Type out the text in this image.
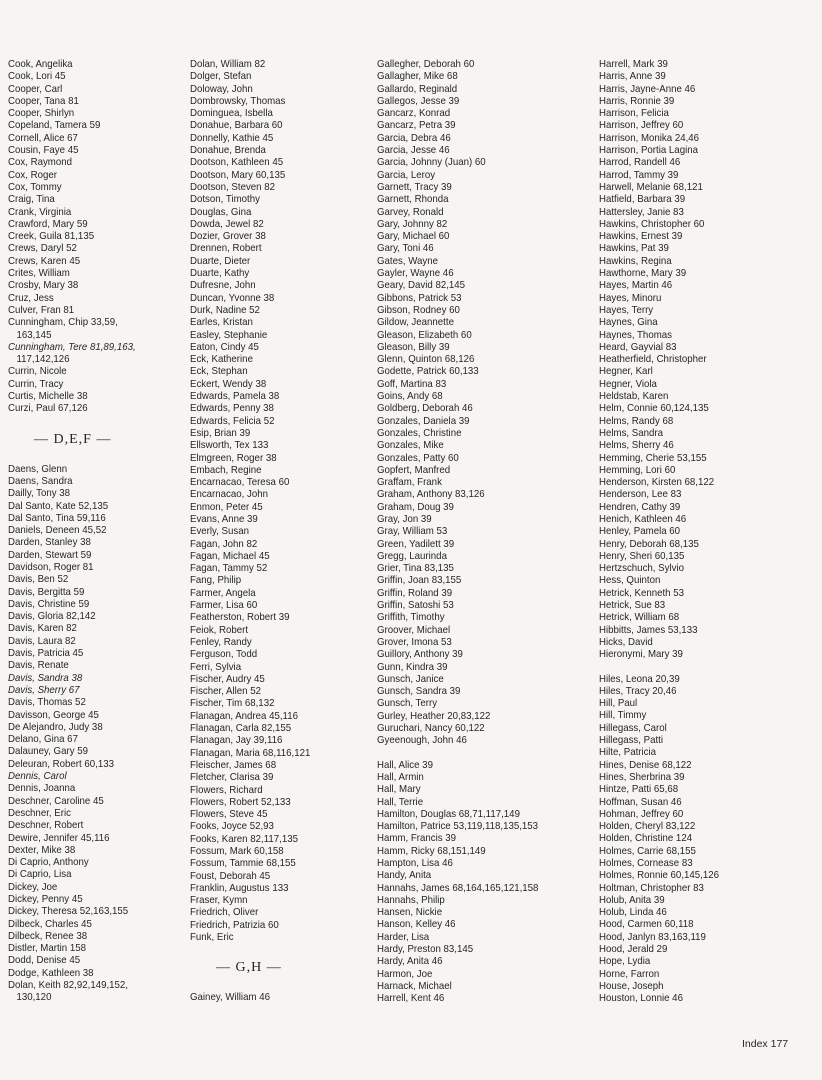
Cook, Angelika
Cook, Lori 45
Cooper, Carl
Cooper, Tana 81
Cooper, Shirlyn
Copeland, Tamera 59
Cornell, Alice 67
Cousin, Faye 45
Cox, Raymond
Cox, Roger
Cox, Tommy
Craig, Tina
Crank, Virginia
Crawford, Mary 59
Creek, Guila 81,135
Crews, Daryl 52
Crews, Karen 45
Crites, William
Crosby, Mary 38
Cruz, Jess
Culver, Fran 81
Cunningham, Chip 33,59,
163,145
Cunningham, Tere 81,89,163,
117,142,126
Currin, Nicole
Currin, Tracy
Curtis, Michelle 38
Curzi, Paul 67,126
— D,E,F —
Daens, Glenn
Daens, Sandra
Dailly, Tony 38
Dal Santo, Kate 52,135
Dal Santo, Tina 59,116
Daniels, Deneen 45,52
Darden, Stanley 38
Darden, Stewart 59
Davidson, Roger 81
Davis, Ben 52
Davis, Bergitta 59
Davis, Christine 59
Davis, Gloria 82,142
Davis, Karen 82
Davis, Laura 82
Davis, Patricia 45
Davis, Renate
Davis, Sandra 38
Davis, Sherry 67
Davis, Thomas 52
Davisson, George 45
De Alejandro, Judy 38
Delano, Gina 67
Dalauney, Gary 59
Deleuran, Robert 60,133
Dennis, Carol
Dennis, Joanna
Deschner, Caroline 45
Deschner, Eric
Deschner, Robert
Dewire, Jennifer 45,116
Dexter, Mike 38
Di Caprio, Anthony
Di Caprio, Lisa
Dickey, Joe
Dickey, Penny 45
Dickey, Theresa 52,163,155
Dilbeck, Charles 45
Dilbeck, Renee 38
Distler, Martin 158
Dodd, Denise 45
Dodge, Kathleen 38
Dolan, Keith 82,92,149,152,
130,120
Dolan, William 82
Dolger, Stefan
Doloway, John
Dombrowsky, Thomas
Dominguea, Isbella
Donahue, Barbara 60
Donnelly, Kathie 45
Donahue, Brenda
Dootson, Kathleen 45
Dootson, Mary 60,135
Dootson, Steven 82
Dotson, Timothy
Douglas, Gina
Dowda, Jewel 82
Dozier, Grover 38
Drennen, Robert
Duarte, Dieter
Duarte, Kathy
Dufresne, John
Duncan, Yvonne 38
Durk, Nadine 52
Earles, Kristan
Easley, Stephanie
Eaton, Cindy 45
Eck, Katherine
Eck, Stephan
Eckert, Wendy 38
Edwards, Pamela 38
Edwards, Penny 38
Edwards, Felicia 52
Esip, Brian 39
Ellsworth, Tex 133
Elmgreen, Roger 38
Embach, Regine
Encarnacao, Teresa 60
Encarnacao, John
Enmon, Peter 45
Evans, Anne 39
Everly, Susan
Fagan, John 82
Fagan, Michael 45
Fagan, Tammy 52
Fang, Philip
Farmer, Angela
Farmer, Lisa 60
Featherston, Robert 39
Feiok, Robert
Fenley, Randy
Ferguson, Todd
Ferri, Sylvia
Fischer, Audry 45
Fischer, Allen 52
Fischer, Tim 68,132
Flanagan, Andrea 45,116
Flanagan, Carla 82,155
Flanagan, Jay 39,116
Flanagan, Maria 68,116,121
Fleischer, James 68
Fletcher, Clarisa 39
Flowers, Richard
Flowers, Robert 52,133
Flowers, Steve 45
Fooks, Joyce 52,93
Fooks, Karen 82,117,135
Fossum, Mark 60,158
Fossum, Tammie 68,155
Foust, Deborah 45
Franklin, Augustus 133
Fraser, Kymn
Friedrich, Oliver
Friedrich, Patrizia 60
Funk, Eric
— G,H —
Gainey, William 46
Gallegher, Deborah 60
Gallagher, Mike 68
Gallardo, Reginald
Gallegos, Jesse 39
Gancarz, Konrad
Gancarz, Petra 39
Garcia, Debra 46
Garcia, Jesse 46
Garcia, Johnny (Juan) 60
Garcia, Leroy
Garnett, Tracy 39
Garnett, Rhonda
Garvey, Ronald
Gary, Johnny 82
Gary, Michael 60
Gary, Toni 46
Gates, Wayne
Gayler, Wayne 46
Geary, David 82,145
Gibbons, Patrick 53
Gibson, Rodney 60
Gildow, Jeannette
Gleason, Elizabeth 60
Gleason, Billy 39
Glenn, Quinton 68,126
Godette, Patrick 60,133
Goff, Martina 83
Goins, Andy 68
Goldberg, Deborah 46
Gonzales, Daniela 39
Gonzales, Christine
Gonzales, Mike
Gonzales, Patty 60
Gopfert, Manfred
Graffam, Frank
Graham, Anthony 83,126
Graham, Doug 39
Gray, Jon 39
Gray, William 53
Green, Yadilett 39
Gregg, Laurinda
Grier, Tina 83,135
Griffin, Joan 83,155
Griffin, Roland 39
Griffin, Satoshi 53
Griffith, Timothy
Groover, Michael
Grover, Imona 53
Guillory, Anthony 39
Gunn, Kindra 39
Gunsch, Janice
Gunsch, Sandra 39
Gunsch, Terry
Gurley, Heather 20,83,122
Guruchari, Nancy 60,122
Gyeenough, John 46
Hall, Alice 39
Hall, Armin
Hall, Mary
Hall, Terrie
Hamilton, Douglas 68,71,117,149
Hamilton, Patrice 53,119,118,135,153
Hamm, Francis 39
Hamm, Ricky 68,151,149
Hampton, Lisa 46
Handy, Anita
Hannahs, James 68,164,165,121,158
Hannahs, Philip
Hansen, Nickie
Hanson, Kelley 46
Harder, Lisa
Hardy, Preston 83,145
Hardy, Anita 46
Harmon, Joe
Harnack, Michael
Harrell, Kent 46
Harrell, Mark 39
Harris, Anne 39
Harris, Jayne-Anne 46
Harris, Ronnie 39
Harrison, Felicia
Harrison, Jeffrey 60
Harrison, Monika 24,46
Harrison, Portia Lagina
Harrod, Randell 46
Harrod, Tammy 39
Harwell, Melanie 68,121
Hatfield, Barbara 39
Hattersley, Janie 83
Hawkins, Christopher 60
Hawkins, Ernest 39
Hawkins, Pat 39
Hawkins, Regina
Hawthorne, Mary 39
Hayes, Martin 46
Hayes, Minoru
Hayes, Terry
Haynes, Gina
Haynes, Thomas
Heard, Gayvial 83
Heatherfield, Christopher
Hegner, Karl
Hegner, Viola
Heldstab, Karen
Helm, Connie 60,124,135
Helms, Randy 68
Helms, Sandra
Helms, Sherry 46
Hemming, Cherie 53,155
Hemming, Lori 60
Henderson, Kirsten 68,122
Henderson, Lee 83
Hendren, Cathy 39
Henich, Kathleen 46
Henley, Pamela 60
Henry, Deborah 68,135
Henry, Sheri 60,135
Hertzschuch, Sylvio
Hess, Quinton
Hetrick, Kenneth 53
Hetrick, Sue 83
Hetrick, William 68
Hibbitts, James 53,133
Hicks, David
Hieronymi, Mary 39
Hiles, Leona 20,39
Hiles, Tracy 20,46
Hill, Paul
Hill, Timmy
Hillegass, Carol
Hillegass, Patti
Hilte, Patricia
Hines, Denise 68,122
Hines, Sherbrina 39
Hintze, Patti 65,68
Hoffman, Susan 46
Hohman, Jeffrey 60
Holden, Cheryl 83,122
Holden, Christine 124
Holmes, Carrie 68,155
Holmes, Cornease 83
Holmes, Ronnie 60,145,126
Holtman, Christopher 83
Holub, Anita 39
Holub, Linda 46
Hood, Carmen 60,118
Hood, Janlyn 83,163,119
Hood, Jerald 29
Hope, Lydia
Horne, Farron
House, Joseph
Houston, Lonnie 46
Index 177
